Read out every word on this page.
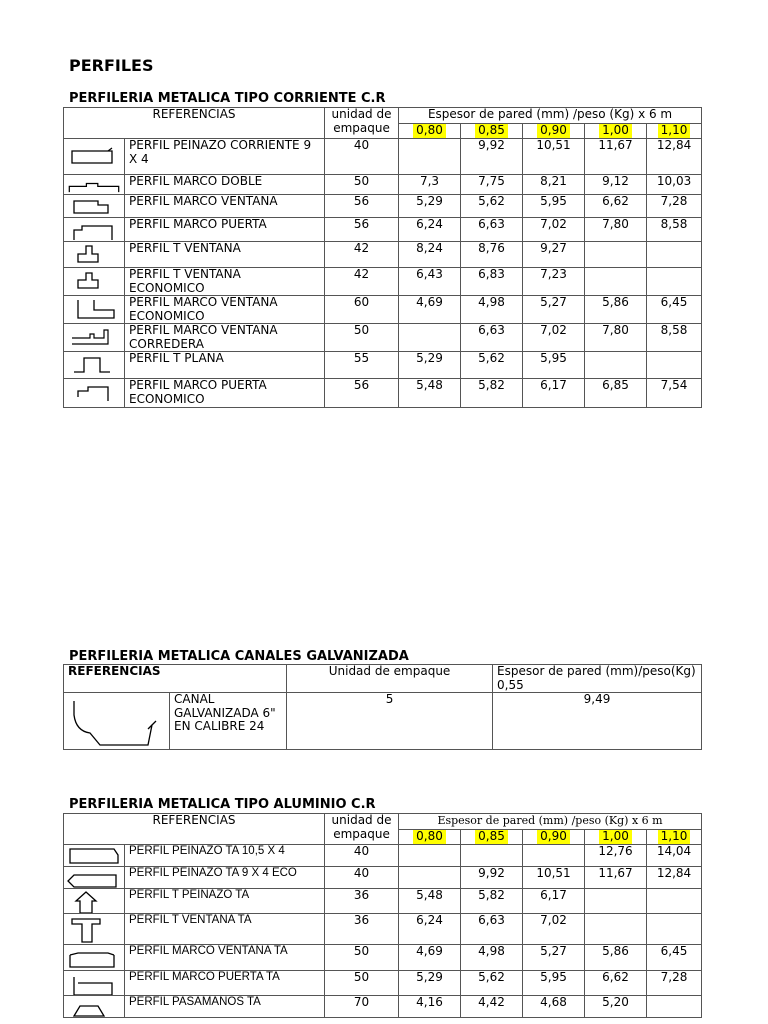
PERFILES
PERFILERIA METALICA TIPO CORRIENTE C.R
REFERENCIAS		unidad de empaque	Espesor de pared (mm) /peso (Kg) x 6 m				
			0,80	0,85	0,90	1,00	1,10

	PERFIL PEINAZO CORRIENTE 9 X 4	40		9,92	10,51	11,67	12,84

	PERFIL MARCO DOBLE	50	7,3	7,75	8,21	9,12	10,03

	PERFIL MARCO VENTANA	56	5,29	5,62	5,95	6,62	7,28

	PERFIL MARCO PUERTA	56	6,24	6,63	7,02	7,80	8,58

	PERFIL T VENTANA	42	8,24	8,76	9,27		

	PERFIL T VENTANA ECONOMICO	42	6,43	6,83	7,23		

	PERFIL MARCO VENTANA ECONOMICO	60	4,69	4,98	5,27	5,86	6,45

	PERFIL MARCO VENTANA CORREDERA	50		6,63	7,02	7,80	8,58

	PERFIL T PLANA	55	5,29	5,62	5,95		

	PERFIL MARCO PUERTA ECONOMICO	56	5,48	5,82	6,17	6,85	7,54
PERFILERIA METALICA CANALES GALVANIZADA
REFERENCIAS		Unidad de empaque	Espesor de pared (mm)/peso(Kg) 0,55

	CANAL GALVANIZADA 6" EN CALIBRE 24	5	9,49
PERFILERIA METALICA TIPO ALUMINIO C.R
REFERENCIAS		unidad de empaque	Espesor de pared (mm) /peso (Kg) x 6 m				
			0,80	0,85	0,90	1,00	1,10

	PERFIL PEINAZO TA 10,5 X 4	40				12,76	14,04

	PERFIL PEINAZO TA 9 X 4 ECO	40		9,92	10,51	11,67	12,84

	PERFIL T PEINAZO TA	36	5,48	5,82	6,17		

	PERFIL T VENTANA TA	36	6,24	6,63	7,02		

	PERFIL MARCO VENTANA TA	50	4,69	4,98	5,27	5,86	6,45

	PERFIL MARCO PUERTA TA	50	5,29	5,62	5,95	6,62	7,28

	PERFIL PASAMANOS TA	70	4,16	4,42	4,68	5,20	
